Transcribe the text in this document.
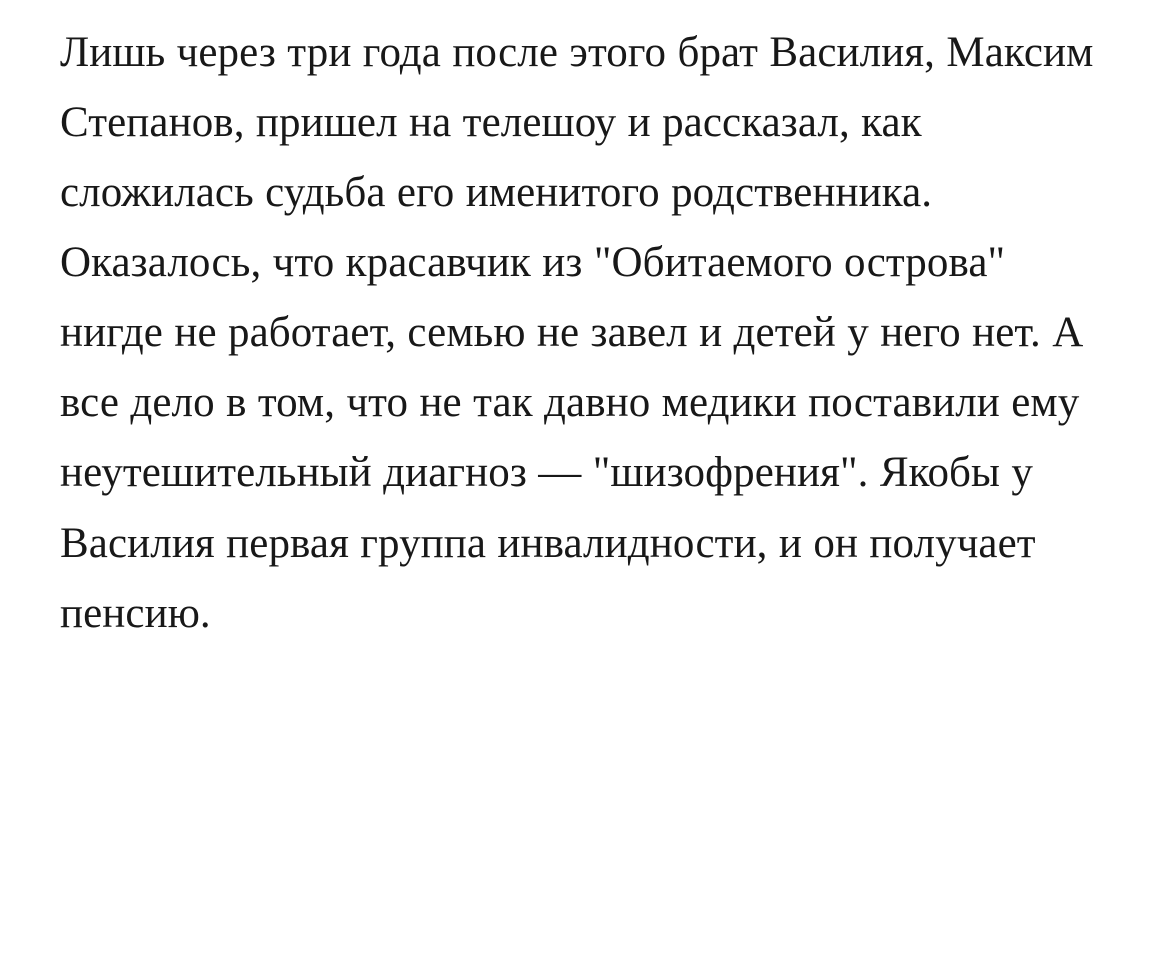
Лишь через три года после этого брат Василия, Максим Степанов, пришел на телешоу и рассказал, как сложилась судьба его именитого родственника. Оказалось, что красавчик из "Обитаемого острова" нигде не работает, семью не завел и детей у него нет. А все дело в том, что не так давно медики поставили ему неутешительный диагноз — "шизофрения". Якобы у Василия первая группа инвалидности, и он получает пенсию.
